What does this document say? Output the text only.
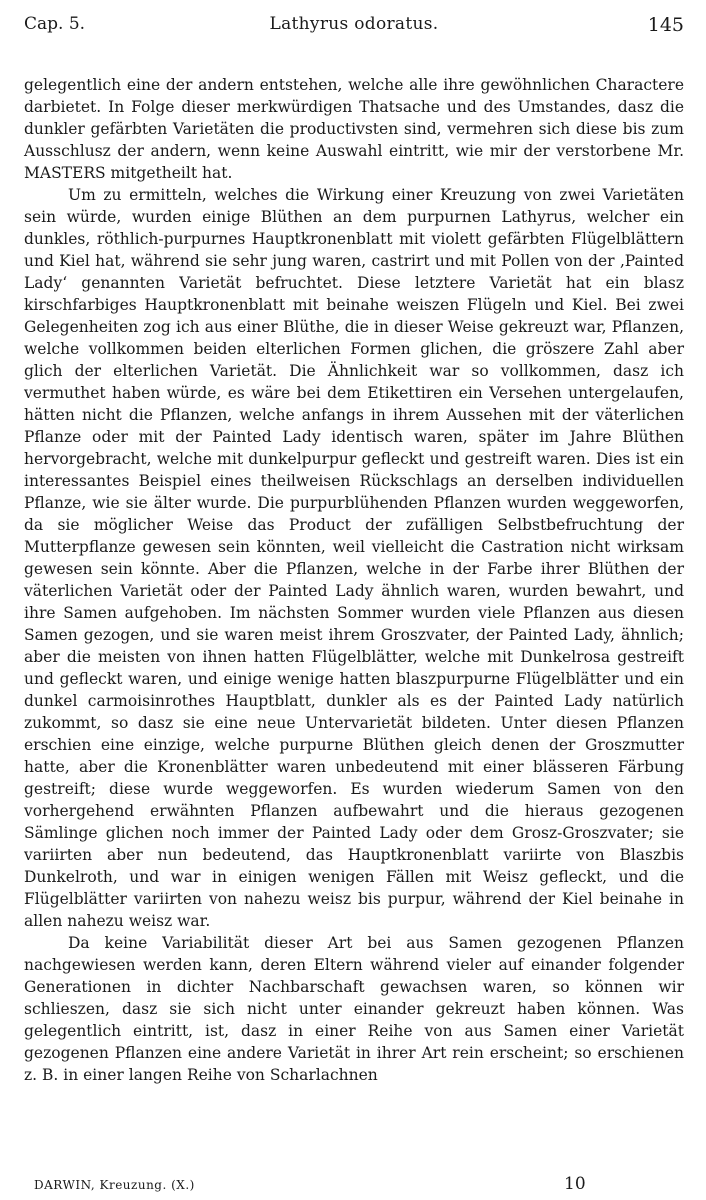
Cap. 5.	Lathyrus odoratus.	145

gelegentlich eine der andern entstehen, welche alle ihre gewöhnlichen Charactere darbietet. In Folge dieser merkwürdigen Thatsache und des Umstandes, dasz die dunkler gefärbten Varietäten die productivsten sind, vermehren sich diese bis zum Ausschlusz der andern, wenn keine Auswahl eintritt, wie mir der verstorbene Mr. MASTERS mitgetheilt hat.

Um zu ermitteln, welches die Wirkung einer Kreuzung von zwei Varietäten sein würde, wurden einige Blüthen an dem purpurnen Lathyrus, welcher ein dunkles, röthlich-purpurnes Hauptkronenblatt mit violett gefärbten Flügelblättern und Kiel hat, während sie sehr jung waren, castrirt und mit Pollen von der ‚Painted Lady‘ genannten Varietät befruchtet. Diese letztere Varietät hat ein blasz kirschfarbiges Hauptkronenblatt mit beinahe weiszen Flügeln und Kiel. Bei zwei Gelegenheiten zog ich aus einer Blüthe, die in dieser Weise gekreuzt war, Pflanzen, welche vollkommen beiden elterlichen Formen glichen, die gröszere Zahl aber glich der elterlichen Varietät. Die Ähnlichkeit war so vollkommen, dasz ich vermuthet haben würde, es wäre bei dem Etikettiren ein Versehen untergelaufen, hätten nicht die Pflanzen, welche anfangs in ihrem Aussehen mit der väterlichen Pflanze oder mit der Painted Lady identisch waren, später im Jahre Blüthen hervorgebracht, welche mit dunkelpurpur gefleckt und gestreift waren. Dies ist ein interessantes Beispiel eines theilweisen Rückschlags an derselben individuellen Pflanze, wie sie älter wurde. Die purpurblühenden Pflanzen wurden weggeworfen, da sie möglicher Weise das Product der zufälligen Selbstbefruchtung der Mutterpflanze gewesen sein könnten, weil vielleicht die Castration nicht wirksam gewesen sein könnte. Aber die Pflanzen, welche in der Farbe ihrer Blüthen der väterlichen Varietät oder der Painted Lady ähnlich waren, wurden bewahrt, und ihre Samen aufgehoben. Im nächsten Sommer wurden viele Pflanzen aus diesen Samen gezogen, und sie waren meist ihrem Groszvater, der Painted Lady, ähnlich; aber die meisten von ihnen hatten Flügelblätter, welche mit Dunkelrosa gestreift und gefleckt waren, und einige wenige hatten blaszpurpurne Flügelblätter und ein dunkel carmoisinrothes Hauptblatt, dunkler als es der Painted Lady natürlich zukommt, so dasz sie eine neue Untervarietät bildeten. Unter diesen Pflanzen erschien eine einzige, welche purpurne Blüthen gleich denen der Groszmutter hatte, aber die Kronenblätter waren unbedeutend mit einer blässeren Färbung gestreift; diese wurde weggeworfen. Es wurden wiederum Samen von den vorhergehend erwähnten Pflanzen aufbewahrt und die hieraus gezogenen Sämlinge glichen noch immer der Painted Lady oder dem Grosz-Groszvater; sie variirten aber nun bedeutend, das Hauptkronenblatt variirte von Blaszbis Dunkelroth, und war in einigen wenigen Fällen mit Weisz gefleckt, und die Flügelblätter variirten von nahezu weisz bis purpur, während der Kiel beinahe in allen nahezu weisz war.

Da keine Variabilität dieser Art bei aus Samen gezogenen Pflanzen nachgewiesen werden kann, deren Eltern während vieler auf einander folgender Generationen in dichter Nachbarschaft gewachsen waren, so können wir schlieszen, dasz sie sich nicht unter einander gekreuzt haben können. Was gelegentlich eintritt, ist, dasz in einer Reihe von aus Samen einer Varietät gezogenen Pflanzen eine andere Varietät in ihrer Art rein erscheint; so erschienen z. B. in einer langen Reihe von Scharlachnen

DARWIN, Kreuzung. (X.)	10
